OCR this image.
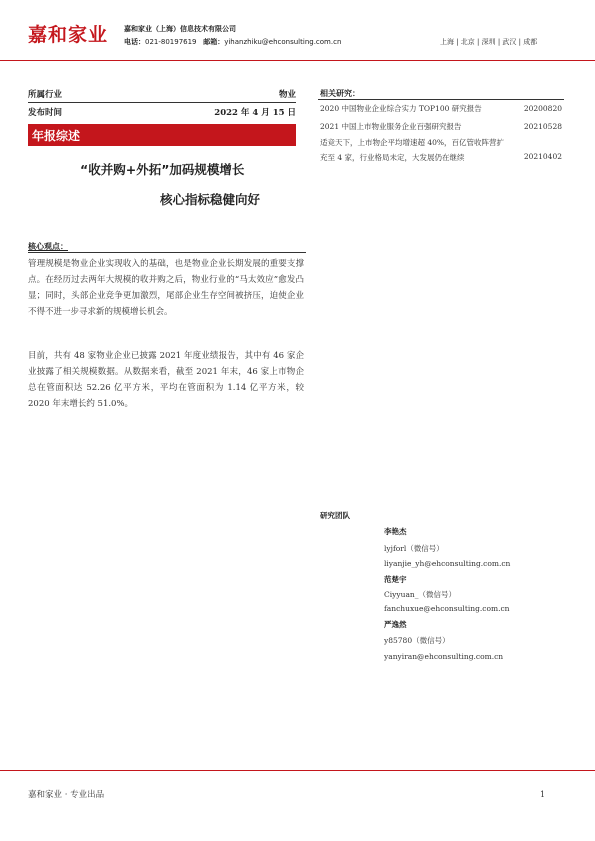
嘉和家业 嘉和家业（上海）信息技术有限公司
电话：021-80197619 邮箱：yihanzhiku@ehconsulting.com.cn	上海 | 北京 | 深圳 | 武汉 | 成都
所属行业	物业
发布时间	2022 年 4 月 15 日
年报综述
“收并购+外拓”加码规模增长
核心指标稳健向好
相关研究：
2020 中国物业企业综合实力 TOP100 研究报告	20200820
2021 中国上市物业服务企业百强研究报告	20210528
适竞天下，上市物企平均增速超 40%，百亿管收阵营扩充至 4 家，行业格局未定，大发展仍在继续	20210402
核心观点：
管理规模是物业企业实现收入的基础，也是物业企业长期发展的重要支撑点。在经历过去两年大规模的收并购之后，物业行业的“马太效应”愈发凸显；同时，头部企业竞争更加激烈，尾部企业生存空间被挤压，迫使企业不得不进一步寻求新的规模增长机会。
目前，共有 48 家物业企业已披露 2021 年度业绩报告，其中有 46 家企业披露了相关规模数据。从数据来看，截至 2021 年末，46 家上市物企总在管面积达 52.26 亿平方米，平均在管面积为 1.14 亿平方米，较 2020 年末增长约 51.0%。
研究团队
李艳杰
lyjforl（微信号）
liyanjie_yh@ehconsulting.com.cn
范楚宇
Ciyyuan_（微信号）
fanchuxue@ehconsulting.com.cn
严逸然
y85780（微信号）
yanyiran@ehconsulting.com.cn
嘉和家业 · 专业出品	1
